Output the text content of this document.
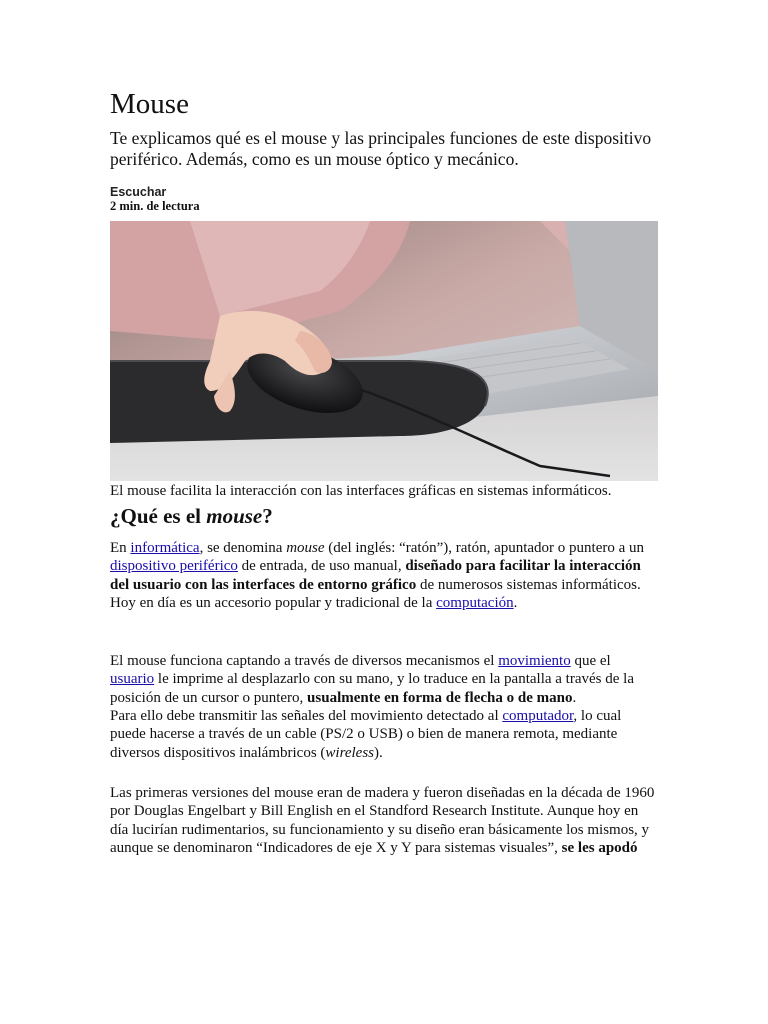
Mouse

Te explicamos qué es el mouse y las principales funciones de este dispositivo periférico. Además, como es un mouse óptico y mecánico.

Escuchar
2 min. de lectura

El mouse facilita la interacción con las interfaces gráficas en sistemas informáticos.

¿Qué es el mouse?

En informática, se denomina mouse (del inglés: “ratón”), ratón, apuntador o puntero a un dispositivo periférico de entrada, de uso manual, diseñado para facilitar la interacción del usuario con las interfaces de entorno gráfico de numerosos sistemas informáticos. Hoy en día es un accesorio popular y tradicional de la computación.

El mouse funciona captando a través de diversos mecanismos el movimiento que el usuario le imprime al desplazarlo con su mano, y lo traduce en la pantalla a través de la posición de un cursor o puntero, usualmente en forma de flecha o de mano.

Para ello debe transmitir las señales del movimiento detectado al computador, lo cual puede hacerse a través de un cable (PS/2 o USB) o bien de manera remota, mediante diversos dispositivos inalámbricos (wireless).

Las primeras versiones del mouse eran de madera y fueron diseñadas en la década de 1960 por Douglas Engelbart y Bill English en el Standford Research Institute. Aunque hoy en día lucirían rudimentarios, su funcionamiento y su diseño eran básicamente los mismos, y aunque se denominaron “Indicadores de eje X y Y para sistemas visuales”, se les apodó
